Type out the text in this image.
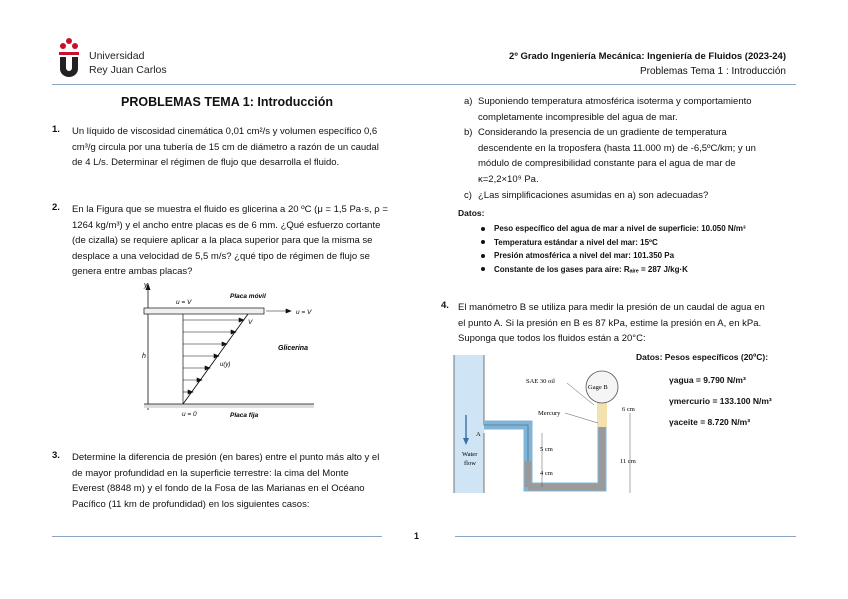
Universidad
Rey Juan Carlos
2º Grado Ingeniería Mecánica: Ingeniería de Fluidos (2023-24)
Problemas Tema 1 : Introducción
PROBLEMAS TEMA 1: Introducción
1. Un líquido de viscosidad cinemática 0,01 cm²/s y volumen específico 0,6
cm³/g circula por una tubería de 15 cm de diámetro a razón de un caudal
de 4 L/s. Determinar el régimen de flujo que desarrolla el fluido.
2. En la Figura que se muestra el fluido es glicerina a 20 ºC (μ = 1,5 Pa·s, ρ =
1264 kg/m³) y el ancho entre placas es de 6 mm. ¿Qué esfuerzo cortante
(de cizalla) se requiere aplicar a la placa superior para que la misma se
desplace a una velocidad de 5,5 m/s? ¿qué tipo de régimen de flujo se
genera entre ambas placas?
y
u = V
Placa móvil
u = V
V
h
Glicerina
u(y)
u = 0	Placa fija
3. Determine la diferencia de presión (en bares) entre el punto más alto y el
de mayor profundidad en la superficie terrestre: la cima del Monte
Everest (8848 m) y el fondo de la Fosa de las Marianas en el Océano
Pacífico (11 km de profundidad) en los siguientes casos:
a) Suponiendo temperatura atmosférica isoterma y comportamiento
completamente incompresible del agua de mar.
b) Considerando la presencia de un gradiente de temperatura
descendente en la troposfera (hasta 11.000 m) de -6,5ºC/km; y un
módulo de compresibilidad constante para el agua de mar de
κ=2,2×10⁹ Pa.
c) ¿Las simplificaciones asumidas en a) son adecuadas?
Datos:
Peso específico del agua de mar a nivel de superficie: 10.050 N/m³
Temperatura estándar a nivel del mar: 15ºC
Presión atmosférica a nivel del mar: 101.350 Pa
Constante de los gases para aire: Rₐᵢᵣₑ = 287 J/kg·K
4. El manómetro B se utiliza para medir la presión de un caudal de agua en
el punto A. Si la presión en B es 87 kPa, estime la presión en A, en kPa.
Suponga que todos los fluidos están a 20°C:
Datos: Pesos específicos (20ºC):
γagua = 9.790 N/m³
γmercurio = 133.100 N/m³
γaceite = 8.720 N/m³
Water
flow
A
Gage B
SAE 30 oil
Mercury
5 cm
4 cm
6 cm
11 cm
1
